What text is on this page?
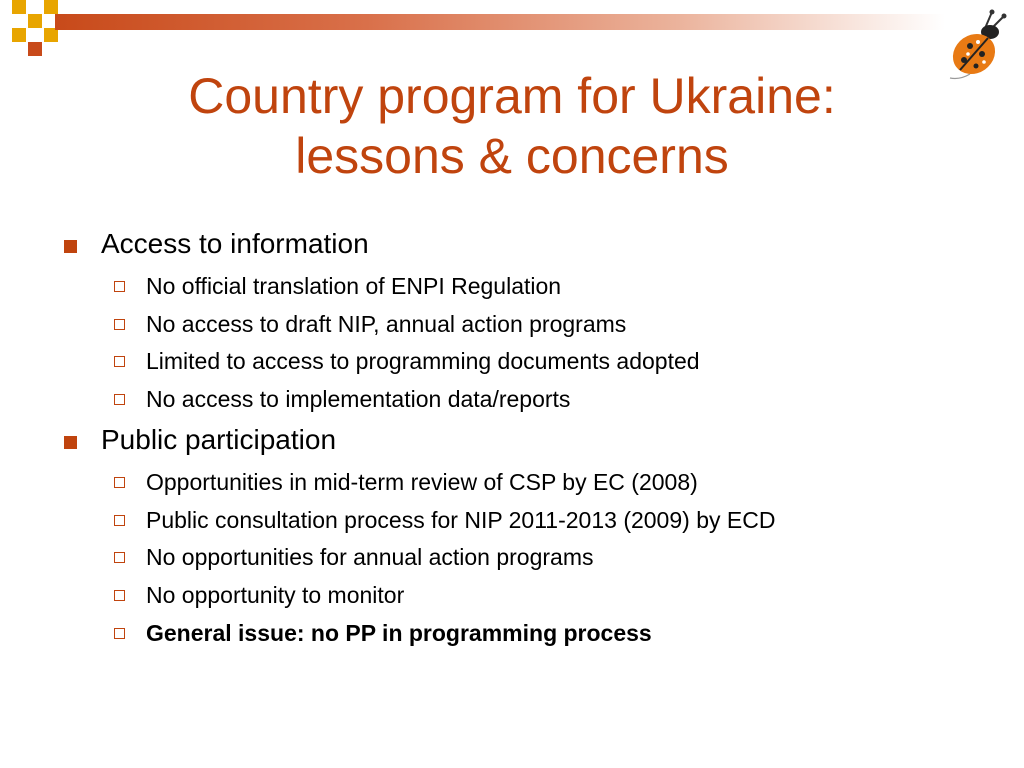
Country program for Ukraine:
lessons & concerns
Access to information
No official translation of ENPI Regulation
No access to draft NIP, annual action programs
Limited to access to programming documents adopted
No access to implementation data/reports
Public participation
Opportunities in mid-term review of CSP by EC (2008)
Public consultation process for NIP 2011-2013 (2009) by ECD
No opportunities for annual action programs
No opportunity to monitor
General issue: no PP in programming process
